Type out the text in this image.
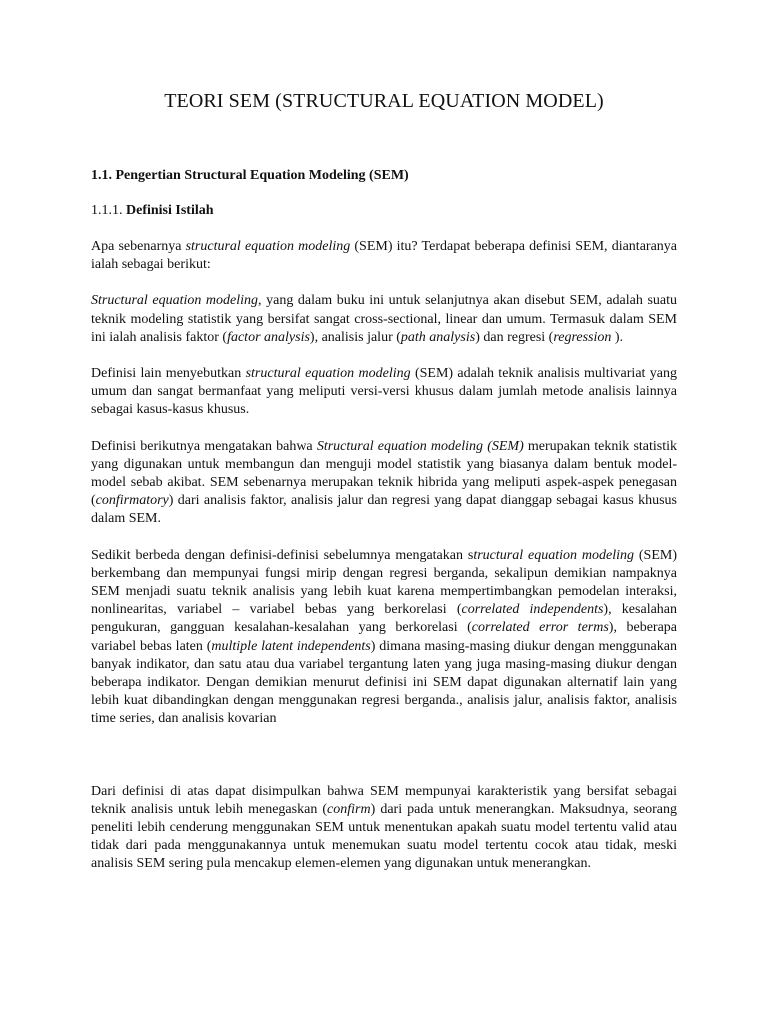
TEORI SEM (STRUCTURAL EQUATION MODEL)
1.1. Pengertian Structural Equation Modeling (SEM)
1.1.1. Definisi Istilah

Apa sebenarnya structural equation modeling (SEM) itu? Terdapat beberapa definisi SEM, diantaranya ialah sebagai berikut:

Structural equation modeling, yang dalam buku ini untuk selanjutnya akan disebut SEM, adalah suatu teknik modeling statistik yang bersifat sangat cross-sectional, linear dan umum. Termasuk dalam SEM ini ialah analisis faktor (factor analysis), analisis jalur (path analysis) dan regresi (regression ).

Definisi lain menyebutkan structural equation modeling (SEM) adalah teknik analisis multivariat yang umum dan sangat bermanfaat yang meliputi versi-versi khusus dalam jumlah metode analisis lainnya sebagai kasus-kasus khusus.

Definisi berikutnya mengatakan bahwa Structural equation modeling (SEM) merupakan teknik statistik yang digunakan untuk membangun dan menguji model statistik yang biasanya dalam bentuk model-model sebab akibat. SEM sebenarnya merupakan teknik hibrida yang meliputi aspek-aspek penegasan (confirmatory) dari analisis faktor, analisis jalur dan regresi yang dapat dianggap sebagai kasus khusus dalam SEM.

Sedikit berbeda dengan definisi-definisi sebelumnya mengatakan structural equation modeling (SEM) berkembang dan mempunyai fungsi mirip dengan regresi berganda, sekalipun demikian nampaknya SEM menjadi suatu teknik analisis yang lebih kuat karena mempertimbangkan pemodelan interaksi, nonlinearitas, variabel – variabel bebas yang berkorelasi (correlated independents), kesalahan pengukuran, gangguan kesalahan-kesalahan yang berkorelasi (correlated error terms), beberapa variabel bebas laten (multiple latent independents) dimana masing-masing diukur dengan menggunakan banyak indikator, dan satu atau dua variabel tergantung laten yang juga masing-masing diukur dengan beberapa indikator. Dengan demikian menurut definisi ini SEM dapat digunakan alternatif lain yang lebih kuat dibandingkan dengan menggunakan regresi berganda., analisis jalur, analisis faktor, analisis time series, dan analisis kovarian

Dari definisi di atas dapat disimpulkan bahwa SEM mempunyai karakteristik yang bersifat sebagai teknik analisis untuk lebih menegaskan (confirm) dari pada untuk menerangkan. Maksudnya, seorang peneliti lebih cenderung menggunakan SEM untuk menentukan apakah suatu model tertentu valid atau tidak dari pada menggunakannya untuk menemukan suatu model tertentu cocok atau tidak, meski analisis SEM sering pula mencakup elemen-elemen yang digunakan untuk menerangkan.
